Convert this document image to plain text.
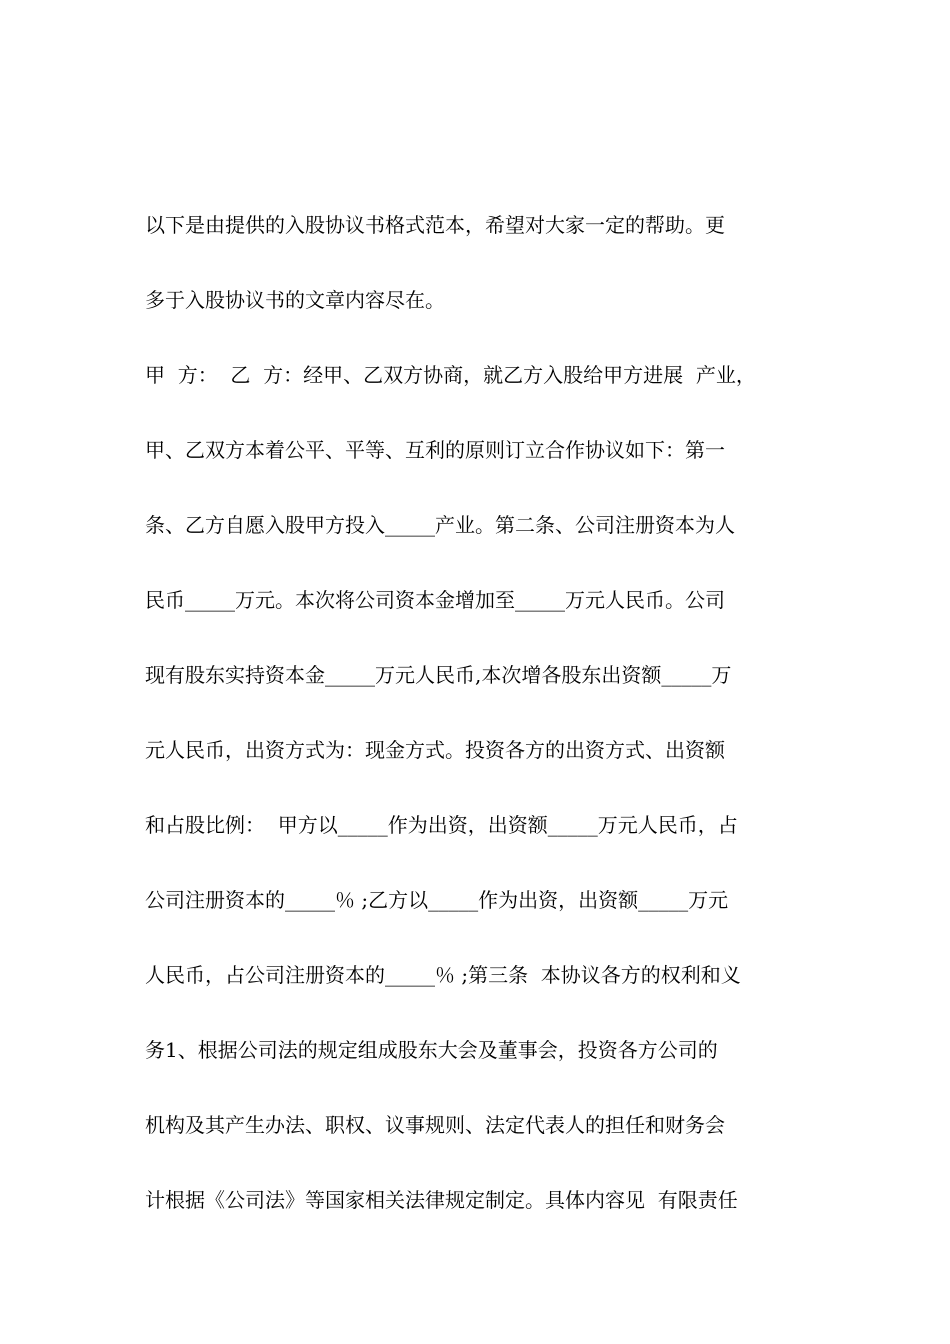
以下是由提供的入股协议书格式范本，希望对大家一定的帮助。更
多于入股协议书的文章内容尽在。
甲  方：  乙  方：经甲、乙双方协商，就乙方入股给甲方进展  产业，
甲、乙双方本着公平、平等、互利的原则订立合作协议如下：第一
条、乙方自愿入股甲方投入_____产业。第二条、公司注册资本为人
民币_____万元。本次将公司资本金增加至_____万元人民币。公司
现有股东实持资本金_____万元人民币,本次增各股东出资额_____万
元人民币，出资方式为：现金方式。投资各方的出资方式、出资额
和占股比例：  甲方以_____作为出资，出资额_____万元人民币，占
公司注册资本的_____％ ;乙方以_____作为出资，出资额_____万元
人民币，占公司注册资本的_____％ ;第三条  本协议各方的权利和义
务1、根据公司法的规定组成股东大会及董事会，投资各方公司的
机构及其产生办法、职权、议事规则、法定代表人的担任和财务会
计根据《公司法》等国家相关法律规定制定。具体内容见  有限责任
